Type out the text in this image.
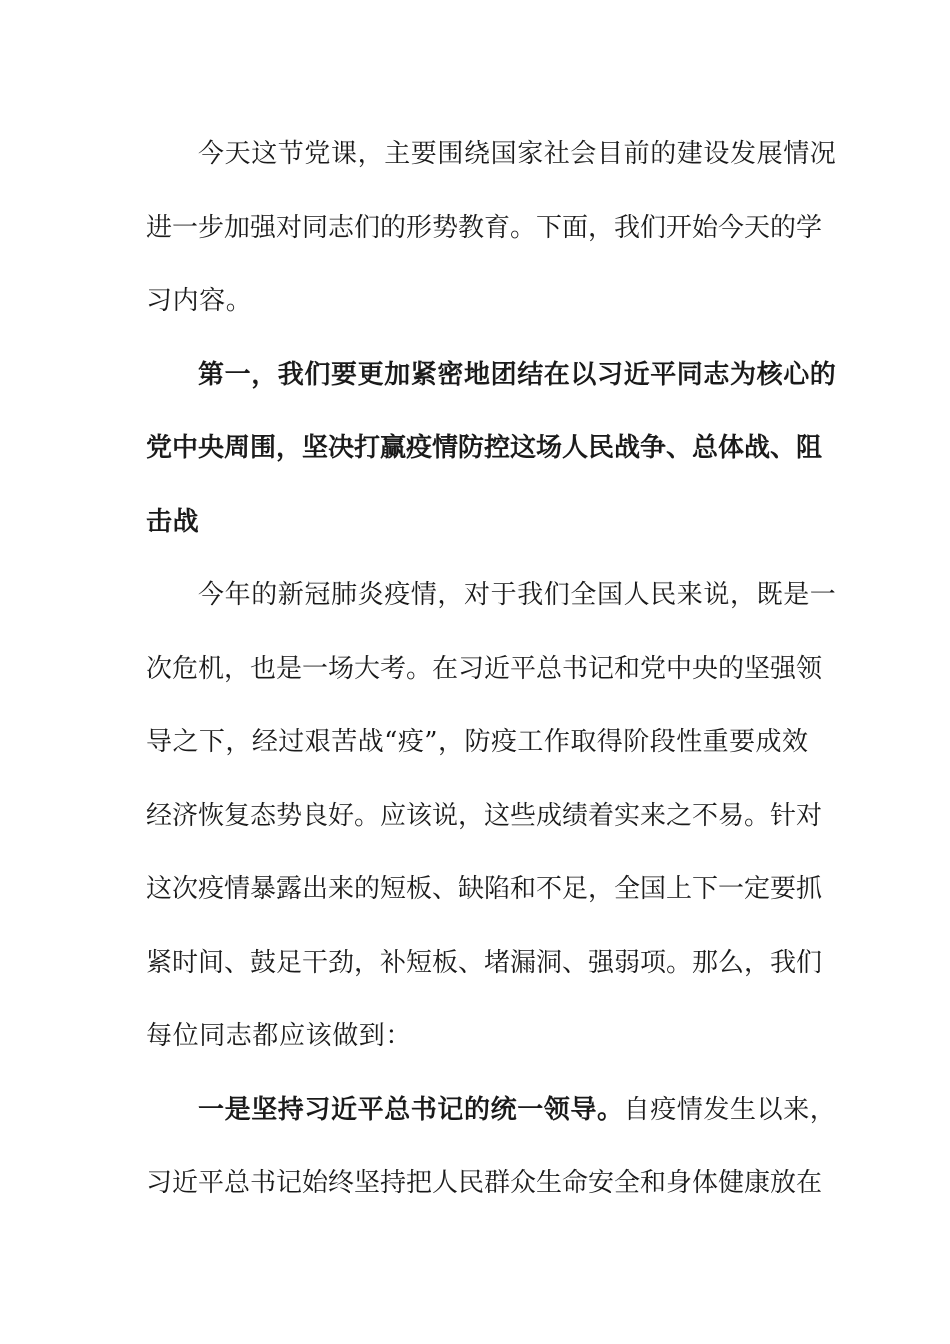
今天这节党课，主要围绕国家社会目前的建设发展情况
进一步加强对同志们的形势教育。下面，我们开始今天的学
习内容。
第一，我们要更加紧密地团结在以习近平同志为核心的
党中央周围，坚决打赢疫情防控这场人民战争、总体战、阻
击战
今年的新冠肺炎疫情，对于我们全国人民来说，既是一
次危机，也是一场大考。在习近平总书记和党中央的坚强领
导之下，经过艰苦战“疫”，防疫工作取得阶段性重要成效
经济恢复态势良好。应该说，这些成绩着实来之不易。针对
这次疫情暴露出来的短板、缺陷和不足，全国上下一定要抓
紧时间、鼓足干劲，补短板、堵漏洞、强弱项。那么，我们
每位同志都应该做到：
一是坚持习近平总书记的统一领导。自疫情发生以来，
习近平总书记始终坚持把人民群众生命安全和身体健康放在
